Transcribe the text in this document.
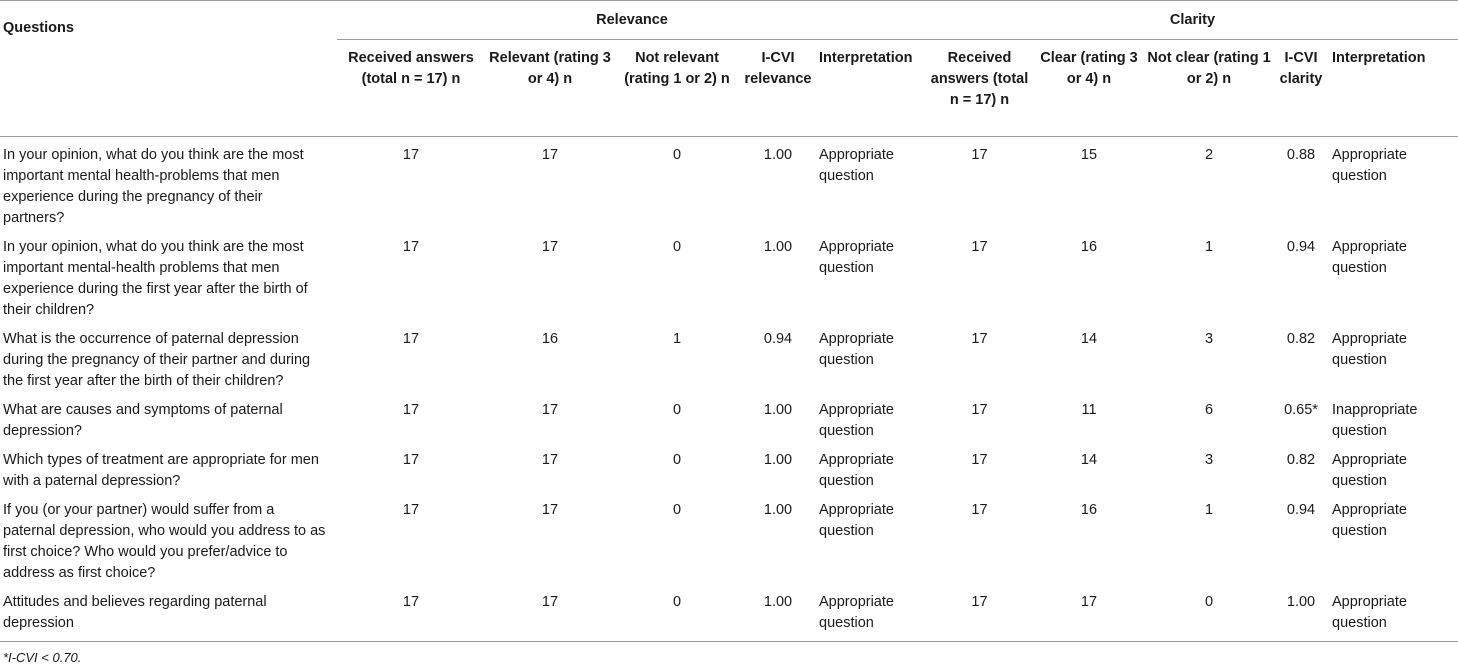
	Relevance					Clarity				
Questions	Received answers (total n = 17) n	Relevant (rating 3 or 4) n	Not relevant (rating 1 or 2) n	I-CVI relevance	Interpretation	Received answers (total n = 17) n	Clear (rating 3 or 4) n	Not clear (rating 1 or 2) n	I-CVI clarity	Interpretation
In your opinion, what do you think are the most important mental health-problems that men experience during the pregnancy of their partners?	17	17	0	1.00	Appropriate question	17	15	2	0.88	Appropriate question
In your opinion, what do you think are the most important mental-health problems that men experience during the first year after the birth of their children?	17	17	0	1.00	Appropriate question	17	16	1	0.94	Appropriate question
What is the occurrence of paternal depression during the pregnancy of their partner and during the first year after the birth of their children?	17	16	1	0.94	Appropriate question	17	14	3	0.82	Appropriate question
What are causes and symptoms of paternal depression?	17	17	0	1.00	Appropriate question	17	11	6	0.65*	Inappropriate question
Which types of treatment are appropriate for men with a paternal depression?	17	17	0	1.00	Appropriate question	17	14	3	0.82	Appropriate question
If you (or your partner) would suffer from a paternal depression, who would you address to as first choice? Who would you prefer/advice to address as first choice?	17	17	0	1.00	Appropriate question	17	16	1	0.94	Appropriate question
Attitudes and believes regarding paternal depression	17	17	0	1.00	Appropriate question	17	17	0	1.00	Appropriate question
*I-CVI < 0.70.
